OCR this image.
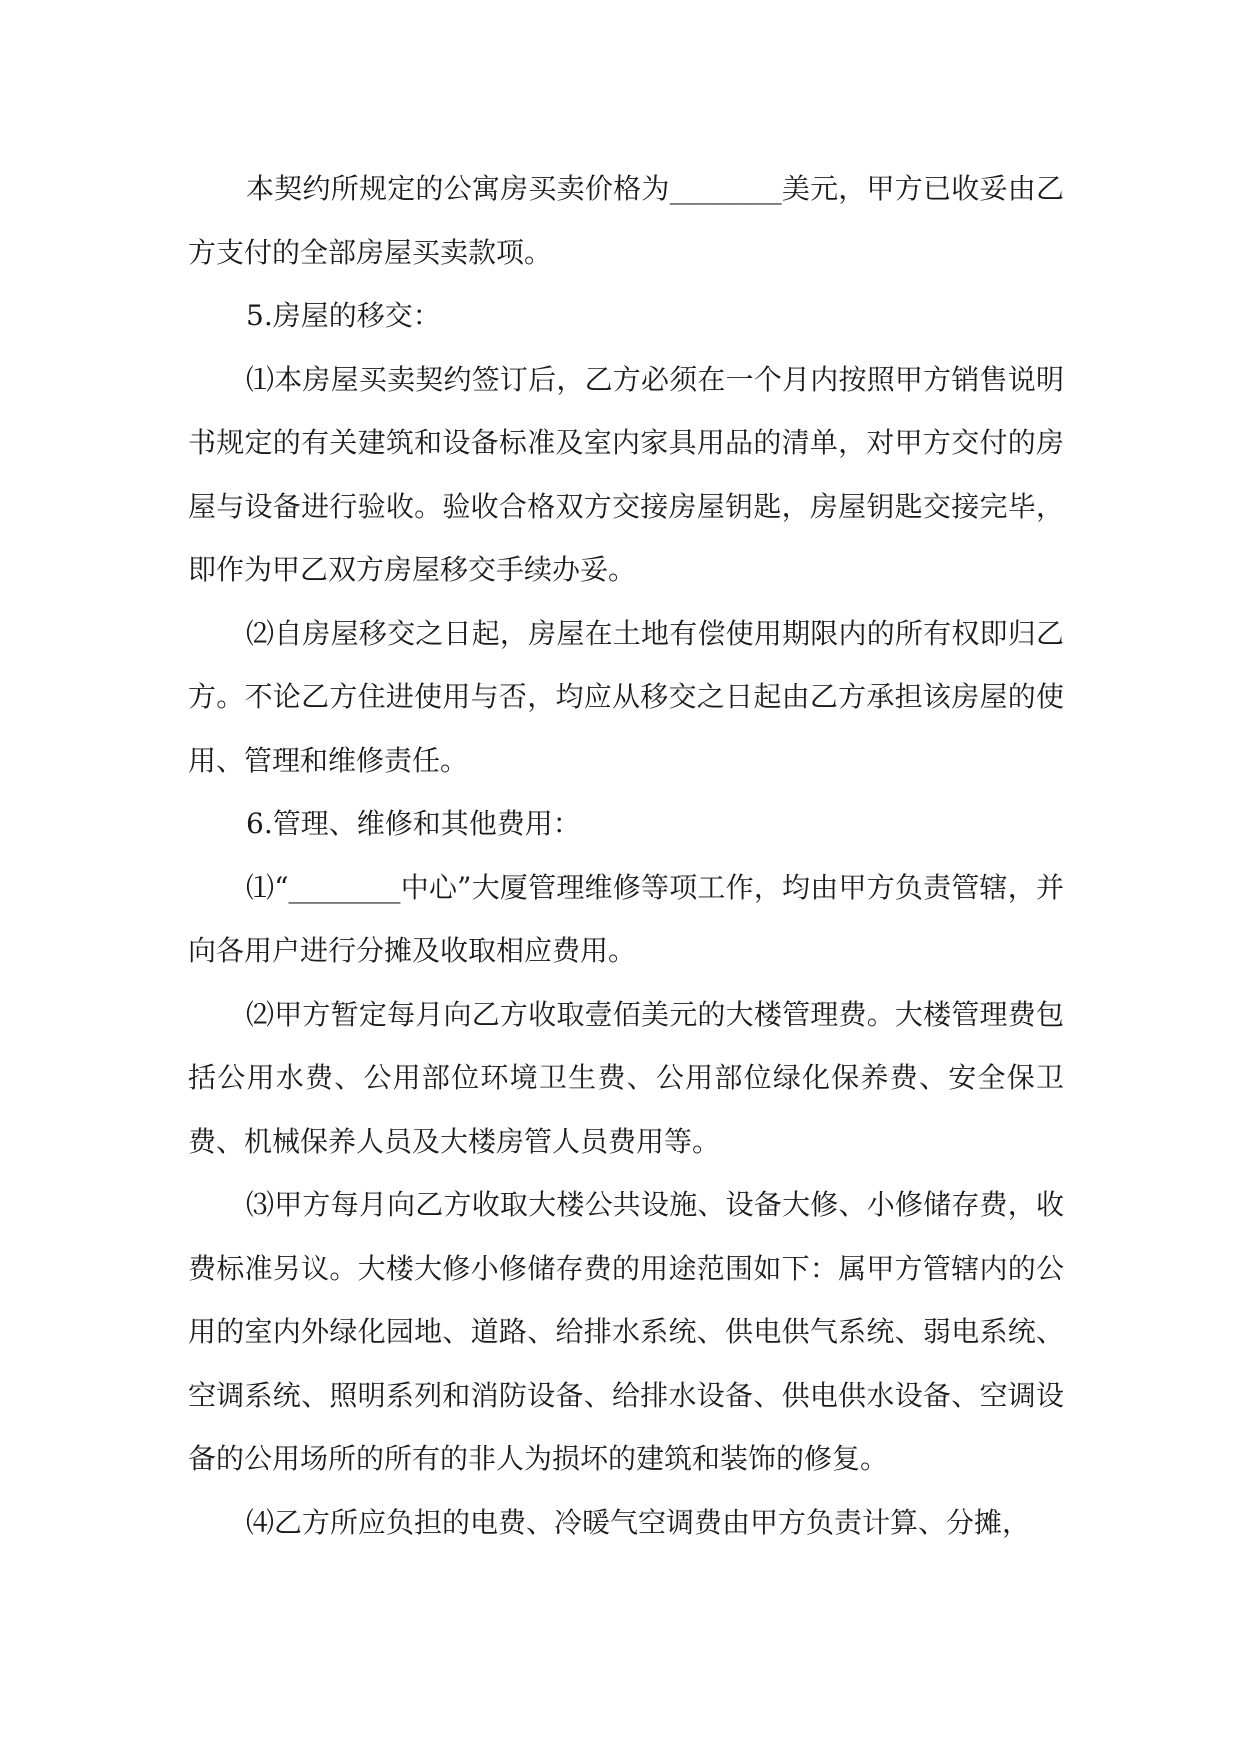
本契约所规定的公寓房买卖价格为________美元，甲方已收妥由乙方支付的全部房屋买卖款项。

5.房屋的移交：

⑴本房屋买卖契约签订后，乙方必须在一个月内按照甲方销售说明书规定的有关建筑和设备标准及室内家具用品的清单，对甲方交付的房屋与设备进行验收。验收合格双方交接房屋钥匙，房屋钥匙交接完毕，即作为甲乙双方房屋移交手续办妥。

⑵自房屋移交之日起，房屋在土地有偿使用期限内的所有权即归乙方。不论乙方住进使用与否，均应从移交之日起由乙方承担该房屋的使用、管理和维修责任。

6.管理、维修和其他费用：

⑴“________中心”大厦管理维修等项工作，均由甲方负责管辖，并向各用户进行分摊及收取相应费用。

⑵甲方暂定每月向乙方收取壹佰美元的大楼管理费。大楼管理费包括公用水费、公用部位环境卫生费、公用部位绿化保养费、安全保卫费、机械保养人员及大楼房管人员费用等。

⑶甲方每月向乙方收取大楼公共设施、设备大修、小修储存费，收费标准另议。大楼大修小修储存费的用途范围如下：属甲方管辖内的公用的室内外绿化园地、道路、给排水系统、供电供气系统、弱电系统、空调系统、照明系列和消防设备、给排水设备、供电供水设备、空调设备的公用场所的所有的非人为损坏的建筑和装饰的修复。

⑷乙方所应负担的电费、冷暖气空调费由甲方负责计算、分摊，
